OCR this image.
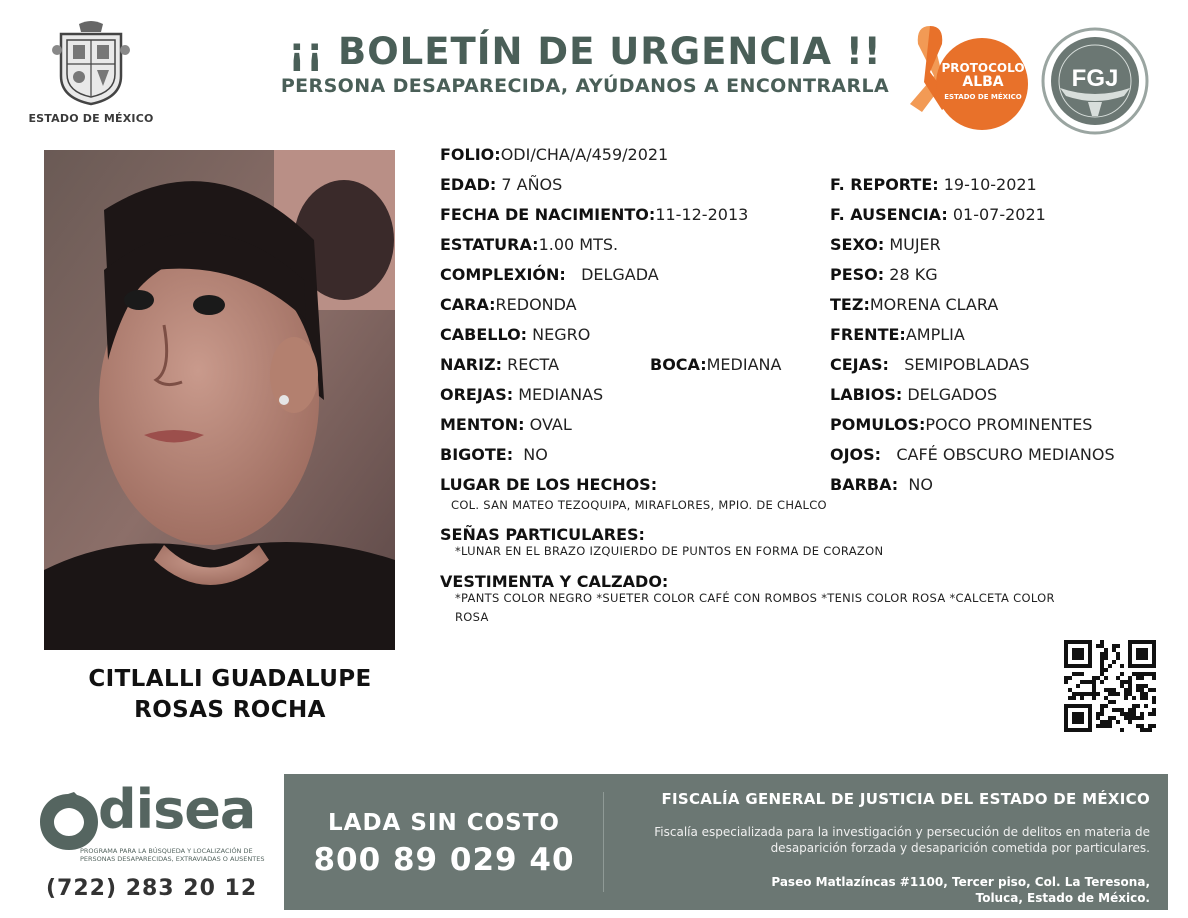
ESTADO DE MÉXICO
¡¡ BOLETÍN DE URGENCIA !!
PERSONA DESAPARECIDA, AYÚDANOS A ENCONTRARLA
PROTOCOLO
ALBA
ESTADO DE MÉXICO
FGJ
CITLALLI GUADALUPE
ROSAS ROCHA
FOLIO:ODI/CHA/A/459/2021
EDAD: 7 AÑOS	F. REPORTE: 19-10-2021
FECHA DE NACIMIENTO:11-12-2013	F. AUSENCIA: 01-07-2021
ESTATURA:1.00 MTS.	SEXO: MUJER
COMPLEXIÓN: DELGADA	PESO: 28 KG
CARA:REDONDA	TEZ:MORENA CLARA
CABELLO: NEGRO	FRENTE:AMPLIA
NARIZ: RECTA	BOCA:MEDIANA	CEJAS: SEMIPOBLADAS
OREJAS: MEDIANAS	LABIOS: DELGADOS
MENTON: OVAL	POMULOS:POCO PROMINENTES
BIGOTE: NO	OJOS: CAFÉ OBSCURO MEDIANOS
LUGAR DE LOS HECHOS:	BARBA: NO
COL. SAN MATEO TEZOQUIPA, MIRAFLORES, MPIO. DE CHALCO
SEÑAS PARTICULARES:
*LUNAR EN EL BRAZO IZQUIERDO DE PUNTOS EN FORMA DE CORAZON
VESTIMENTA Y CALZADO:
*PANTS COLOR NEGRO *SUETER COLOR CAFÉ CON ROMBOS *TENIS COLOR ROSA *CALCETA COLOR ROSA
disea
PROGRAMA PARA LA BÚSQUEDA Y LOCALIZACIÓN DE PERSONAS DESAPARECIDAS, EXTRAVIADAS O AUSENTES
(722) 283 20 12
LADA SIN COSTO
800 89 029 40
FISCALÍA GENERAL DE JUSTICIA DEL ESTADO DE MÉXICO
Fiscalía especializada para la investigación y persecución de delitos en materia de desaparición forzada y desaparición cometida por particulares.
Paseo Matlazíncas #1100, Tercer piso, Col. La Teresona,
Toluca, Estado de México.
